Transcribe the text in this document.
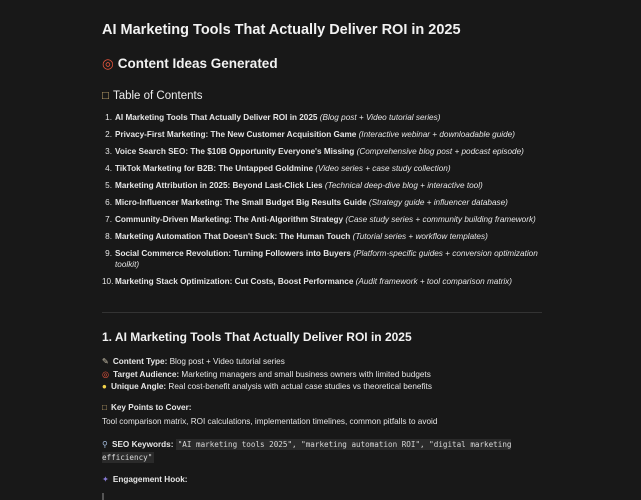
AI Marketing Tools That Actually Deliver ROI in 2025
◎ Content Ideas Generated
□ Table of Contents
1. AI Marketing Tools That Actually Deliver ROI in 2025 (Blog post + Video tutorial series)
2. Privacy-First Marketing: The New Customer Acquisition Game (Interactive webinar + downloadable guide)
3. Voice Search SEO: The $10B Opportunity Everyone's Missing (Comprehensive blog post + podcast episode)
4. TikTok Marketing for B2B: The Untapped Goldmine (Video series + case study collection)
5. Marketing Attribution in 2025: Beyond Last-Click Lies (Technical deep-dive blog + interactive tool)
6. Micro-Influencer Marketing: The Small Budget Big Results Guide (Strategy guide + influencer database)
7. Community-Driven Marketing: The Anti-Algorithm Strategy (Case study series + community building framework)
8. Marketing Automation That Doesn't Suck: The Human Touch (Tutorial series + workflow templates)
9. Social Commerce Revolution: Turning Followers into Buyers (Platform-specific guides + conversion optimization toolkit)
10. Marketing Stack Optimization: Cut Costs, Boost Performance (Audit framework + tool comparison matrix)
1. AI Marketing Tools That Actually Deliver ROI in 2025
✎ Content Type: Blog post + Video tutorial series
◎ Target Audience: Marketing managers and small business owners with limited budgets
● Unique Angle: Real cost-benefit analysis with actual case studies vs theoretical benefits
□ Key Points to Cover:
Tool comparison matrix, ROI calculations, implementation timelines, common pitfalls to avoid
⚲ SEO Keywords: "AI marketing tools 2025", "marketing automation ROI", "digital marketing efficiency"
✦ Engagement Hook:
